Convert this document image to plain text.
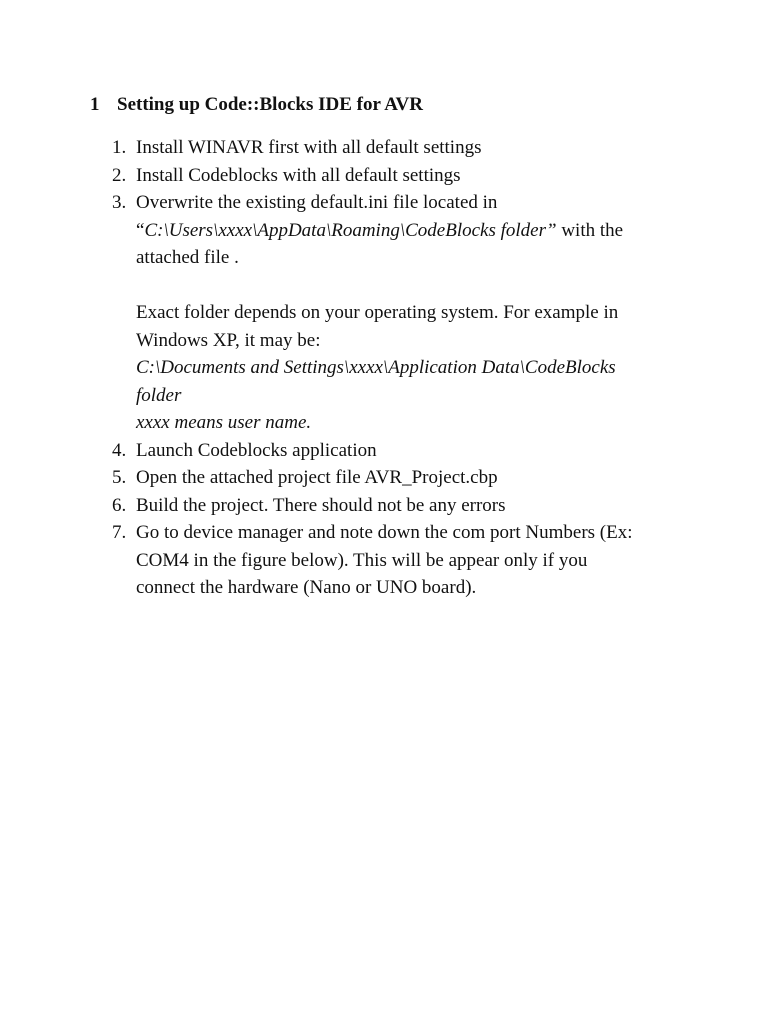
1 Setting up Code::Blocks IDE for AVR
1. Install WINAVR first with all default settings
2. Install Codeblocks with all default settings
3. Overwrite the existing default.ini file located in
“C:\Users\xxxx\AppData\Roaming\CodeBlocks folder” with the
attached file .
Exact folder depends on your operating system. For example in
Windows XP, it may be:
C:\Documents and Settings\xxxx\Application Data\CodeBlocks
folder
xxxx means user name.
4. Launch Codeblocks application
5. Open the attached project file AVR_Project.cbp
6. Build the project. There should not be any errors
7. Go to device manager and note down the com port Numbers (Ex:
COM4 in the figure below). This will be appear only if you
connect the hardware (Nano or UNO board).
